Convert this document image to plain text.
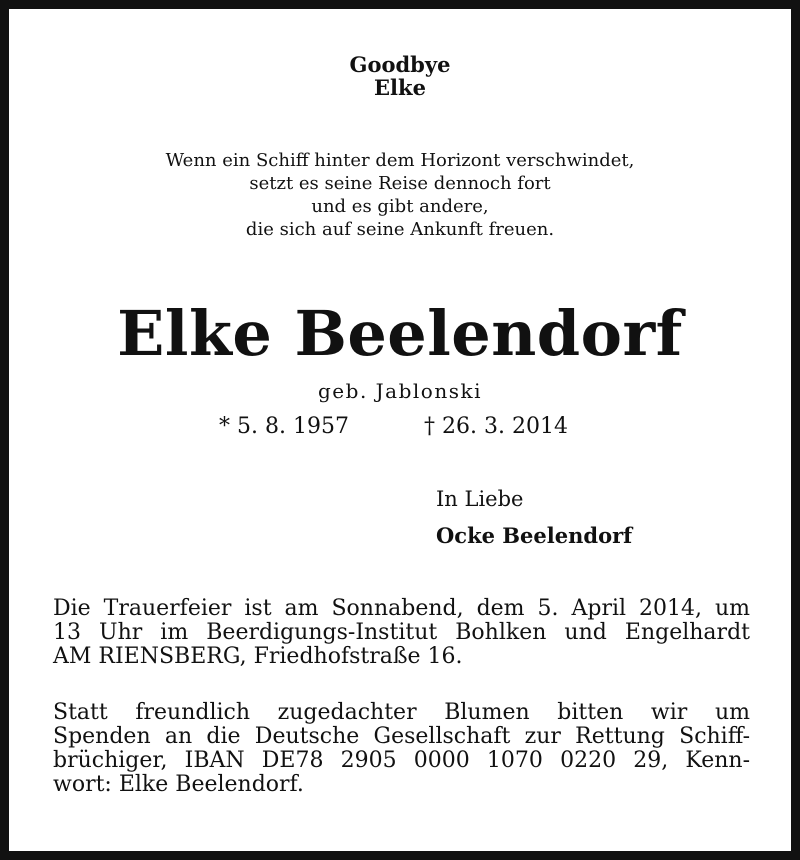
Goodbye
Elke
Wenn ein Schiff hinter dem Horizont verschwindet,
setzt es seine Reise dennoch fort
und es gibt andere,
die sich auf seine Ankunft freuen.
Elke Beelendorf
geb. Jablonski
* 5. 8. 1957	† 26. 3. 2014
In Liebe
Ocke Beelendorf
Die Trauerfeier ist am Sonnabend, dem 5. April 2014, um
13 Uhr im Beerdigungs-Institut Bohlken und Engelhardt
AM RIENSBERG, Friedhofstraße 16.
Statt freundlich zugedachter Blumen bitten wir um
Spenden an die Deutsche Gesellschaft zur Rettung Schiff-
brüchiger, IBAN DE78 2905 0000 1070 0220 29, Kenn-
wort: Elke Beelendorf.
